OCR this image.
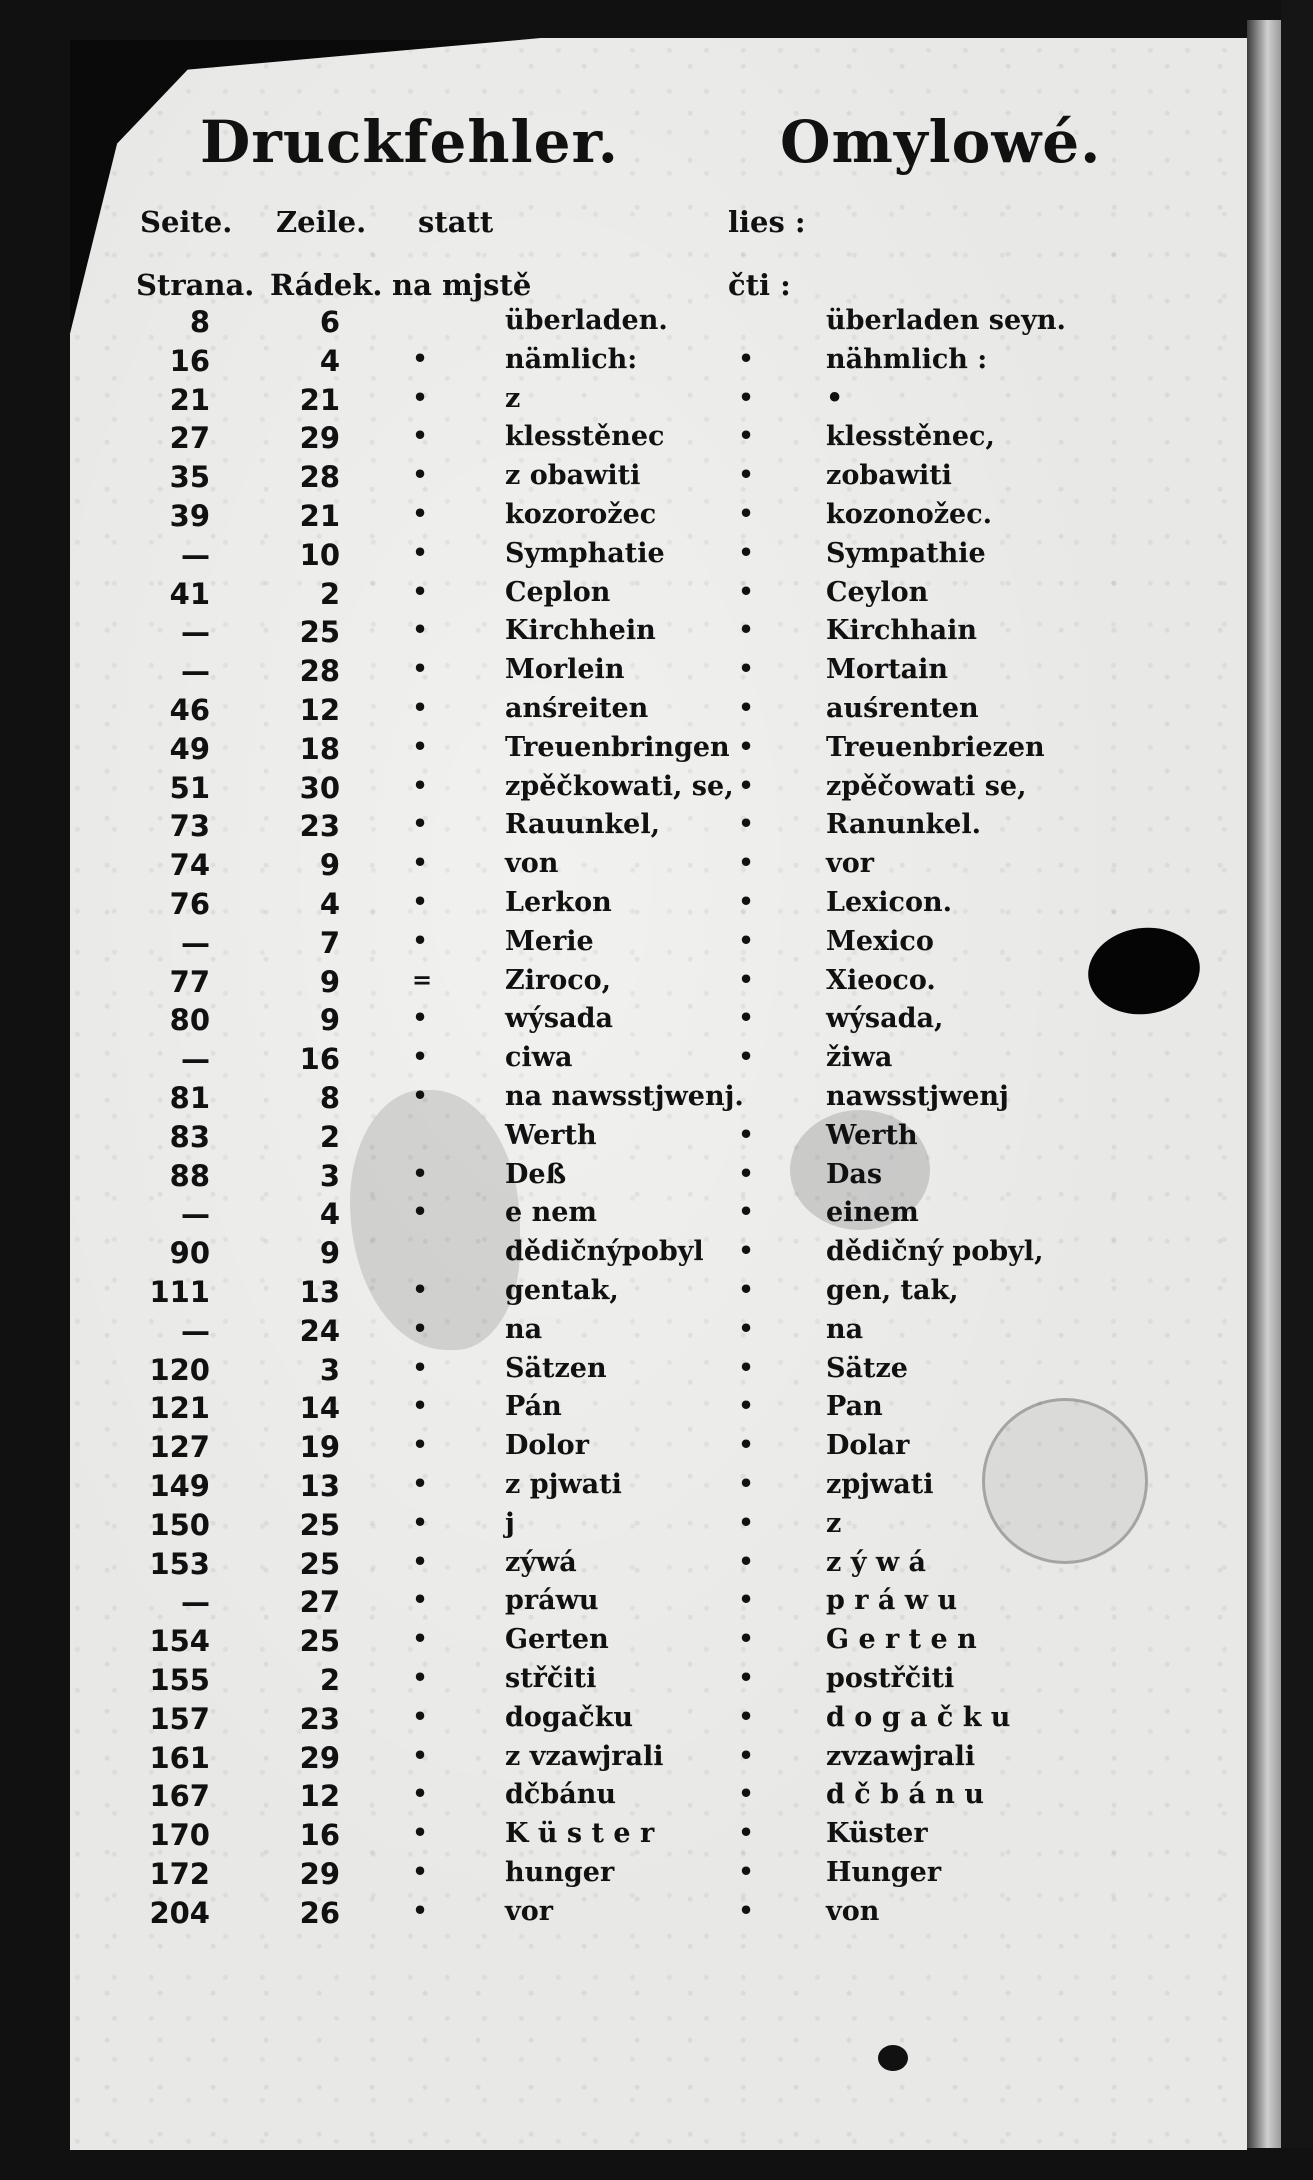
Druckfehler.	Omylowé.
Seite. Zeile. statt	lies :
Strana. Rádek. na mjstě	čti :
8	6	überladen.	überladen seyn.
16	4	•	nämlich:	•	nähmlich :
21	21	•	z	•	•
27	29	•	klesstěnec	•	klesstěnec,
35	28	•	z obawiti	•	zobawiti
39	21	•	kozorožec	•	kozonožec.
—	10	•	Symphatie	•	Sympathie
41	2	•	Ceplon	•	Ceylon
—	25	•	Kirchhein	•	Kirchhain
—	28	•	Morlein	•	Mortain
46	12	•	anśreiten	•	auśrenten
49	18	•	Treuenbringen •	Treuenbriezen
51	30	•	zpěčkowati, se, •	zpěčowati se,
73	23	•	Rauunkel,	•	Ranunkel.
74	9	•	von	•	vor
76	4	•	Lerkon	•	Lexicon.
—	7	•	Merie	•	Mexico
77	9	=	Ziroco,	•	Xieoco.
80	9	•	wýsada	•	wýsada,
—	16	•	ciwa	•	žiwa
81	8	•	na nawsstjwenj.	nawsstjwenj
83	2	Werth	•	Werth
88	3	•	Deß	•	Das
—	4	•	e nem	•	einem
90	9	dědičnýpobyl •	dědičný pobyl,
111	13	•	gentak,	•	gen, tak,
—	24	•	na	•	na
120	3	•	Sätzen	•	Sätze
121	14	•	Pán	•	Pan
127	19	•	Dolor	•	Dolar
149	13	•	z pjwati	•	zpjwati
150	25	•	j	•	z
153	25	•	zýwá	•	z ý w á
—	27	•	práwu	•	p r á w u
154	25	•	Gerten	•	G e r t e n
155	2	•	střčiti	•	postřčiti
157	23	•	dogačku	•	d o g a č k u
161	29	•	z vzawjrali	•	zvzawjrali
167	12	•	dčbánu	•	d č b á n u
170	16	•	K ü s t e r	•	Küster
172	29	•	hunger	•	Hunger
204	26	•	vor	•	von
